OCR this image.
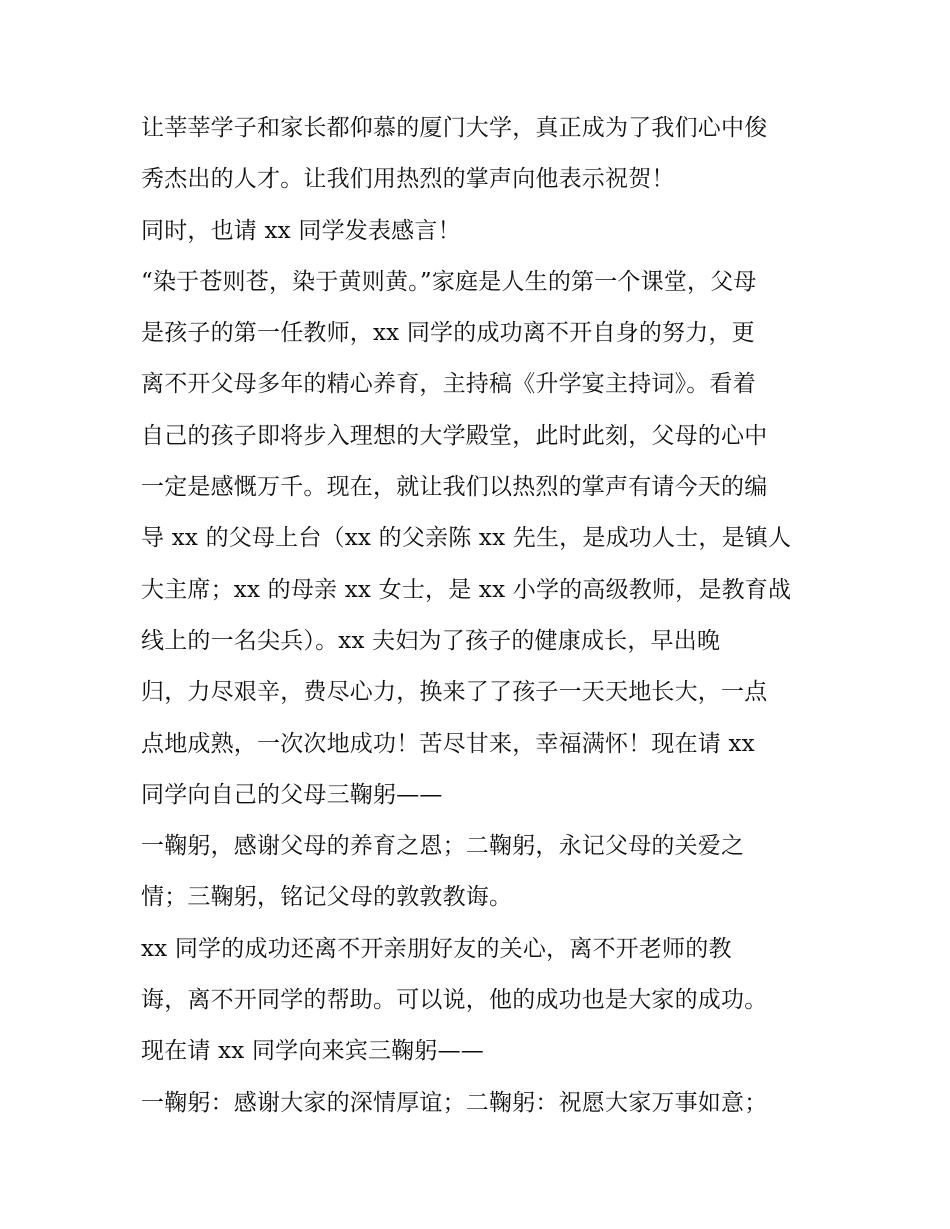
让莘莘学子和家长都仰慕的厦门大学，真正成为了我们心中俊
秀杰出的人才。让我们用热烈的掌声向他表示祝贺！
同时，也请 xx 同学发表感言！
“染于苍则苍，染于黄则黄。”家庭是人生的第一个课堂，父母
是孩子的第一任教师，xx 同学的成功离不开自身的努力，更
离不开父母多年的精心养育，主持稿《升学宴主持词》。看着
自己的孩子即将步入理想的大学殿堂，此时此刻，父母的心中
一定是感慨万千。现在，就让我们以热烈的掌声有请今天的编
导 xx 的父母上台（xx 的父亲陈 xx 先生，是成功人士，是镇人
大主席；xx 的母亲 xx 女士，是 xx 小学的高级教师，是教育战
线上的一名尖兵）。xx 夫妇为了孩子的健康成长，早出晚
归，力尽艰辛，费尽心力，换来了了孩子一天天地长大，一点
点地成熟，一次次地成功！苦尽甘来，幸福满怀！现在请 xx
同学向自己的父母三鞠躬——
一鞠躬，感谢父母的养育之恩；二鞠躬，永记父母的关爱之
情；三鞠躬，铭记父母的敦敦教诲。
xx 同学的成功还离不开亲朋好友的关心，离不开老师的教
诲，离不开同学的帮助。可以说，他的成功也是大家的成功。
现在请 xx 同学向来宾三鞠躬——
一鞠躬：感谢大家的深情厚谊；二鞠躬：祝愿大家万事如意；
